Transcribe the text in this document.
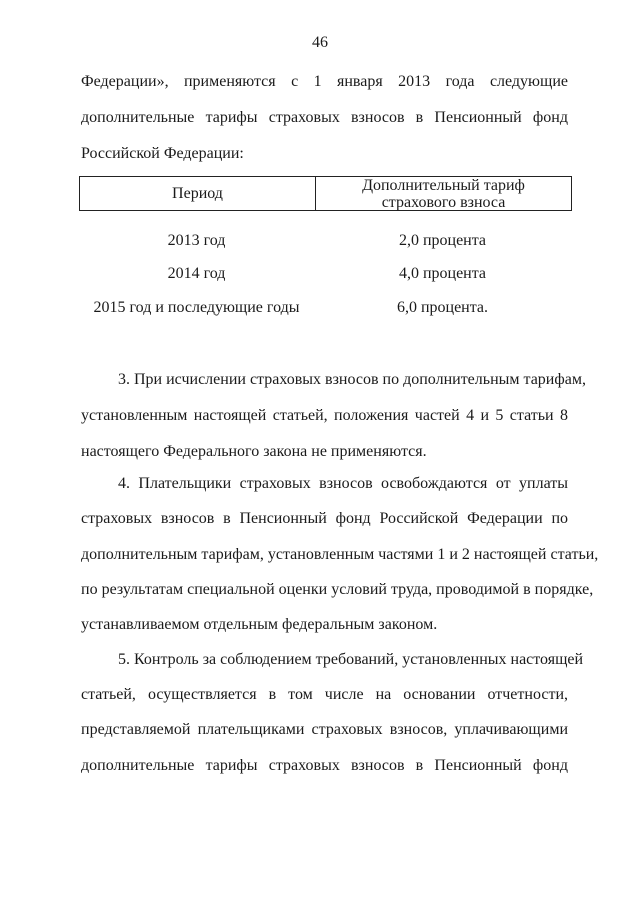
46
Федерации», применяются с 1 января 2013 года следующие
дополнительные тарифы страховых взносов в Пенсионный фонд
Российской Федерации:
Период	Дополнительный тариф
страхового взноса
2013 год	2,0 процента
2014 год	4,0 процента
2015 год и последующие годы	6,0 процента.
3. При исчислении страховых взносов по дополнительным тарифам,
установленным настоящей статьей, положения частей 4 и 5 статьи 8
настоящего Федерального закона не применяются.
4. Плательщики страховых взносов освобождаются от уплаты
страховых взносов в Пенсионный фонд Российской Федерации по
дополнительным тарифам, установленным частями 1 и 2 настоящей статьи,
по результатам специальной оценки условий труда, проводимой в порядке,
устанавливаемом отдельным федеральным законом.
5. Контроль за соблюдением требований, установленных настоящей
статьей, осуществляется в том числе на основании отчетности,
представляемой плательщиками страховых взносов, уплачивающими
дополнительные тарифы страховых взносов в Пенсионный фонд
